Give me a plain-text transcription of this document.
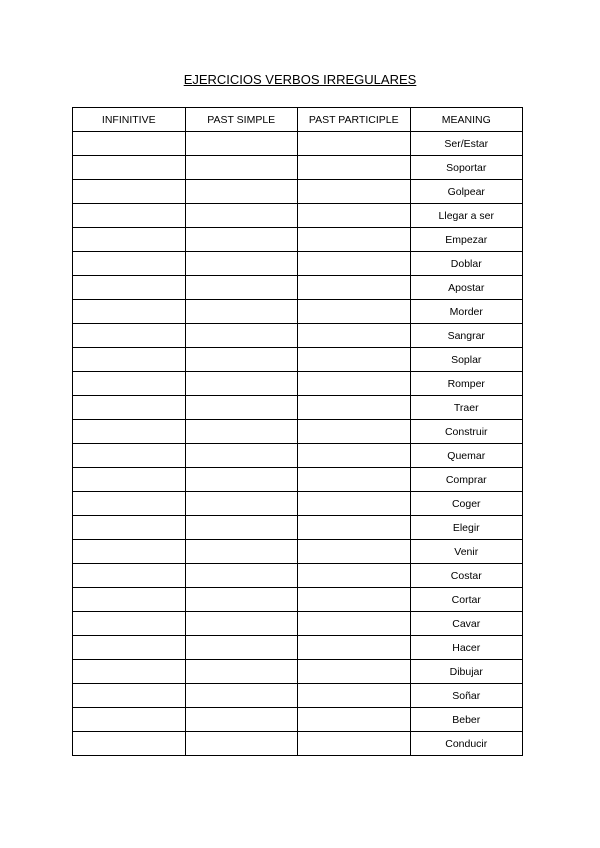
EJERCICIOS VERBOS IRREGULARES
INFINITIVE	PAST SIMPLE	PAST PARTICIPLE	MEANING
			Ser/Estar
			Soportar
			Golpear
			Llegar a ser
			Empezar
			Doblar
			Apostar
			Morder
			Sangrar
			Soplar
			Romper
			Traer
			Construir
			Quemar
			Comprar
			Coger
			Elegir
			Venir
			Costar
			Cortar
			Cavar
			Hacer
			Dibujar
			Soñar
			Beber
			Conducir
